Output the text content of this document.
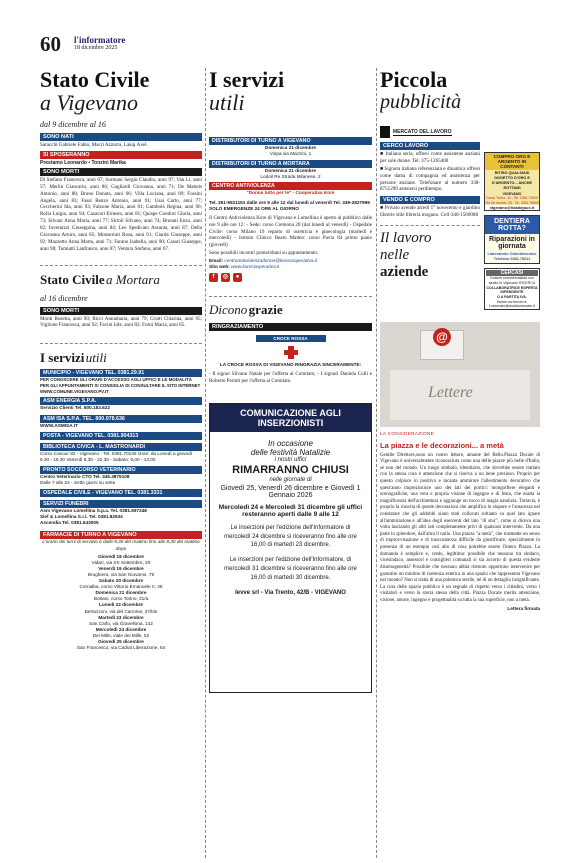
60 l'informatore
18 dicembre 2025
Stato Civile
a Vigevano
dal 9 dicembre al 16
SONO NATI
Saracchi Gabriele Fabio, Macri Azzurra, Lakaj Axel.
SI SPOSERANNO
Prestamo Leonardo • Tonzini Marika
SONO MORTI
Di Stefano Francesca, anni 67; Sormani Sergio Claudio, anni 97; Van Li, anni 57; Merlin Giancarlo, anni 86; Gagliardi Giovanna, anni 71; De Matteis Antonio, anni 88; Bruno Donata, anni 66; Villa Luciana, anni 89; Fossini Angela, anni 83; Fassi Renzo Antonio, anni 91; Usai Carlo, anni 77; Ceccherini Ida, anni 93; Falzone Maria, anni 81; Gambolò Regina, anni 96; Rolla Luigia, anni 94; Casavari Ernesto, anni 81; Quispe Condori Gloria, anni 73; Silvani Anna Maria, anni 77; Sirtoli Silvano, anni 74; Brunati Enzo, anni 82; Invernizzi Giuseppina, anni 84; Leo Spedicato Assunta, anni 87; Della Giovanna Arturo, anni 85; Monserrati Rosa, anni 91; Giarda Giuseppe, anni 92; Mazzetto Anna Marta, anni 71; Farano Isabella, anni 90; Casari Giuseppe, anni 98; Tumiatti Lanfranco, anni 87; Ventura Stefano, anni 67.
Stato Civile a Mortara
al 16 dicembre
SONO MORTI
Monti Rosetta, anni 90; Ricci Annamaria, anni 79; Crotti Chiarina, anni 95; Viglione Francesca, anni 92; Favini Iole, anni 82; Forni Maria, anni 85.
I servizi utili
MUNICIPIO - VIGEVANO TEL. 0381.29.91
PER CONOSCERE GLI ORARI D'ACCESSO AGLI UFFICI E LE MODALITÀ PER GLI APPUNTAMENTI SI CONSIGLIA DI CONSULTARE IL SITO INTERNET WWW.COMUNE.VIGEVANO.PV.IT
ASM ENERGIA S.P.A.
Servizio Clienti Tel. 800.183.622
ASM ISA S.P.A. TEL. 800.078.636
WWW.ASMISA.IT
POSTA - VIGEVANO TEL. 0381.904313
BIBLIOTECA CIVICA - L. MASTRONARDI
Corso Cavour 82 - Vigevano - Tel. 0381.70149 Orari: da Lunedì a giovedì 8,30 - 18,30 Venerdì 8,30 - 22,30 - Sabato: 9,00 - 13,00
PRONTO SOCCORSO VETERINARIO
Centro Veterinario CTO Tel. 345.3875108
Dalle 7 alle 24 - Sette giorni su sette
OSPEDALE CIVILE - VIGEVANO TEL. 0381.3331
SERVIZI FUNEBRI
Asm Vigevano Lomellina S.p.a. Tel. 0381.697248
Sief & Lomellina S.r.l. Tel. 0381.82634
Ascendia Tel. 0381.643005
FARMACIE DI TURNO A VIGEVANO
L'orario dei turni di servizio è dalle 8,30 del mattino fino alle 8,30 del mattino dopo
Giovedì 18 dicembre
Vidari, via XX Settembre, 20
Venerdì 19 dicembre
Brughiera, via San Giovanni, 79
Sabato 20 dicembre
Cornalba, corso Vittorio Emanuele II, 48
Domenica 21 dicembre
Bottani, corso Torino, 31/a
Lunedì 22 dicembre
Bertazzoni, via del Carmine, 27/bis
Martedì 23 dicembre
San Carlo, via Gravellona, 142
Mercoledì 24 dicembre
Dei Mille, viale dei Mille, 52
Giovedì 25 dicembre
San Francesco, via Caduti Liberazione, 54
I servizi
utili
DISTRIBUTORI DI TURNO A VIGEVANO
Domenica 21 dicembre
Vinpa via Mazzini, 1
DISTRIBUTORI DI TURNO A MORTARA
Domenica 21 dicembre
Lodoil Re Strada Milanese, 2
CENTRO ANTIVIOLENZA
"Donna tutto per te" - Cooperativa Kore
Tel. 351-9521151 dalle ore 9 alle 12 dal lunedì al venerdì Tel. 349-2827999 SOLO EMERGENZE 24 ORE AL GIORNO
Il Centro Antiviolenza Kore di Vigevano e Lomellina è aperto al pubblico dalle ore 9 alle ore 12: - Sede: corso Cremona 28 (dal lunedì al venerdì) - Ospedale Civile: corso Milano 19 reparto di ostetricia e ginecologia (martedì e mercoledì) - Istituto Clinico Beato Matteo: corso Pavia 84 primo piano (giovedì)
Sono possibili incontri pomeridiani su appuntamento.
Email: centroantiviolenzadonne@korecooperativa.it
Sito web: www.korecooperativa.it
f	◎	●
Dicono grazie
RINGRAZIAMENTO
CROCE ROSSA
LA CROCE ROSSA DI VIGEVANO RINGRAZIA SINCERAMENTE:
- Il signor Silvano Natale per l'offerta al Comitato; - I signori Daniela Colli e Roberto Perotti per l'offerta al Comitato.
COMUNICAZIONE AGLI INSERZIONISTI
In occasione
delle festività Natalizie
i nostri uffici
RIMARRANNO CHIUSI
nelle giornate di
Giovedì 25, Venerdì 26 dicembre e Giovedì 1 Gennaio 2026
Mercoledì 24 e Mercoledì 31 dicembre gli uffici resteranno aperti dalle 9 alle 12
Le inserzioni per l'edizione dell'Informatore di mercoledì 24 dicembre si riceveranno fino alle ore 16,00 di martedì 23 dicembre.
Le inserzioni per l'edizione dell'Informatore, di mercoledì 31 dicembre si riceveranno fino alle ore 16,00 di martedì 30 dicembre.
Ievve srl - Via Trento, 42/B - VIGEVANO
Piccola
pubblicità
MERCATO DEL LAVORO
CERCO LAVORO
■ Italiana seria, offresi come assistente anziani per sole donne. Tel. 375-1265400
■ Signora italiana referenziata e dinamica offresi come dama di compagnia ed assistenza per persone anziane. Telefonare al numero 338-8751299 astenersi perditempo.
VENDO E COMPRO
■ Privato avende arredi 1° novecento e giardino librerie stile libreria mogano. Cell-340-1569088
Il lavoro
nelle
aziende
COMPRO ORO E ARGENTO IN CONTANTI
RITIRO QUALSIASI OGGETTO D'ORO E D'ARGENTO... ANCHE ROTTAMI
VIGEVANO
Corso Torino, 10 - Tel. 0381.73920 Via De Amicis, 28 - Tel. 0381.78669
vigevano@lidaibijoux.it
DENTIERA ROTTA?
Riparazioni in giornata
Laboratorio Odontotecnico Telefono 0381.70611
CERCASI
Dottore commercialista con studio in Vigevano RICERCA
COLLABORATRICE ESPERTA
DIPENDENTE
O A PARTITA IVA.
Inviare curriculum a: f.ostomato@studiolostomato.it
@
Lettere
LA CONSIDERAZIONE
La piazza e le decorazioni... a metà
Gentile Direttore,sono un vostro lettore, amante del Bello.Piazza Ducale di Vigevano è universalmente riconosciuta come una delle piazze più belle d'Italia, se non del mondo. Un luogo simbolo, identitario, che dovrebbe essere trattato con la stessa cura e attenzione che si riserva a un bene prezioso. Proprio per questo colpisce in positivo e incanta ammirare l'allestimento decorativo che quest'anno impreziosisce uno dei lati dei portici: mongolfiere eleganti e scenografiche, una vera e propria visione di ingegno e di festa, che esalta la magnificenza dell'architettura e aggiunge un tocco di magia natalizia. Tuttavia, è proprio la riuscita di queste decorazioni che amplifica lo stupore e l'amarezza nel constatare che gli addobbi siano stati collocati soltanto su quel lato ignare all'ammirazione.e all'idea degli esercenti del lato "di stur", come si diceva una volta lasciando gli altri lati completamente privi di qualsiasi intervento. Da una parte lo splendore, dall'altra il nulla. Una piazza "a metà", che trasmette un senso di improvvisazione e di trascuratezza difficile da giustificare, specialmente in presenza di un esempio così alto di cosa potrebbe essere l'intera Piazza. La domanda è semplice e, credo, legittima: possibile che nessuno tra sindaco, vicesindaco, assessori e consiglieri comunali si sia accorto di questa evidente disomogeneità? Possibile che nessuno abbia ritenuto opportuno intervenire per garantire un minimo di coerenza estetica in uno spazio che rappresenta Vigevano nel mondo? Non si tratta di una polemica sterile, né di un dettaglio insignificante. La cura delle spazio pubblico è un segnale di rispetto verso i cittadini, verso i visitatori e verso la storia stessa della città. Piazza Ducale merita attenzione, visione, amore, ingegno e progettualità su tutta la sua superficie, non a metà.
Lettera firmata
